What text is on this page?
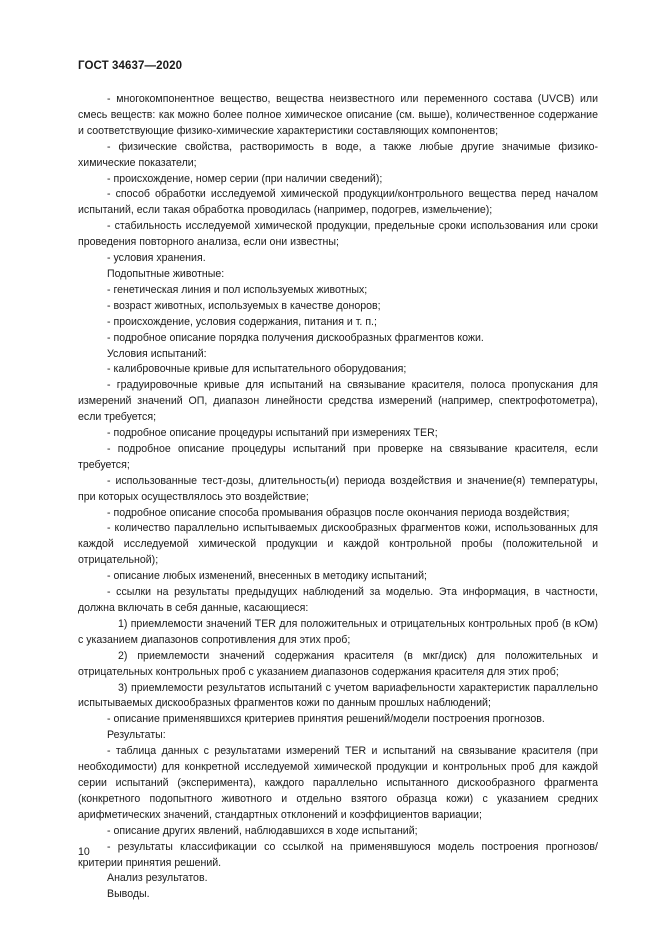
ГОСТ 34637—2020

- многокомпонентное вещество, вещества неизвестного или переменного состава (UVCB) или смесь веществ: как можно более полное химическое описание (см. выше), количественное содержание и соответствующие физико-химические характеристики составляющих компонентов;

- физические свойства, растворимость в воде, а также любые другие значимые физико-химические показатели;

- происхождение, номер серии (при наличии сведений);

- способ обработки исследуемой химической продукции/контрольного вещества перед началом испытаний, если такая обработка проводилась (например, подогрев, измельчение);

- стабильность исследуемой химической продукции, предельные сроки использования или сроки проведения повторного анализа, если они известны;

- условия хранения.

Подопытные животные:

- генетическая линия и пол используемых животных;

- возраст животных, используемых в качестве доноров;

- происхождение, условия содержания, питания и т. п.;

- подробное описание порядка получения дискообразных фрагментов кожи.

Условия испытаний:

- калибровочные кривые для испытательного оборудования;

- градуировочные кривые для испытаний на связывание красителя, полоса пропускания для измерений значений ОП, диапазон линейности средства измерений (например, спектрофотометра), если требуется;

- подробное описание процедуры испытаний при измерениях TER;

- подробное описание процедуры испытаний при проверке на связывание красителя, если требуется;

- использованные тест-дозы, длительность(и) периода воздействия и значение(я) температуры, при которых осуществлялось это воздействие;

- подробное описание способа промывания образцов после окончания периода воздействия;

- количество параллельно испытываемых дискообразных фрагментов кожи, использованных для каждой исследуемой химической продукции и каждой контрольной пробы (положительной и отрицательной);

- описание любых изменений, внесенных в методику испытаний;

- ссылки на результаты предыдущих наблюдений за моделью. Эта информация, в частности, должна включать в себя данные, касающиеся:

1) приемлемости значений TER для положительных и отрицательных контрольных проб (в кОм) с указанием диапазонов сопротивления для этих проб;

2) приемлемости значений содержания красителя (в мкг/диск) для положительных и отрицательных контрольных проб с указанием диапазонов содержания красителя для этих проб;

3) приемлемости результатов испытаний с учетом вариафельности характеристик параллельно испытываемых дискообразных фрагментов кожи по данным прошлых наблюдений;

- описание применявшихся критериев принятия решений/модели построения прогнозов.

Результаты:

- таблица данных с результатами измерений TER и испытаний на связывание красителя (при необходимости) для конкретной исследуемой химической продукции и контрольных проб для каждой серии испытаний (эксперимента), каждого параллельно испытанного дискообразного фрагмента (конкретного подопытного животного и отдельно взятого образца кожи) с указанием средних арифметических значений, стандартных отклонений и коэффициентов вариации;

- описание других явлений, наблюдавшихся в ходе испытаний;

- результаты классификации со ссылкой на применявшуюся модель построения прогнозов/критерии принятия решений.

Анализ результатов.

Выводы.

10
